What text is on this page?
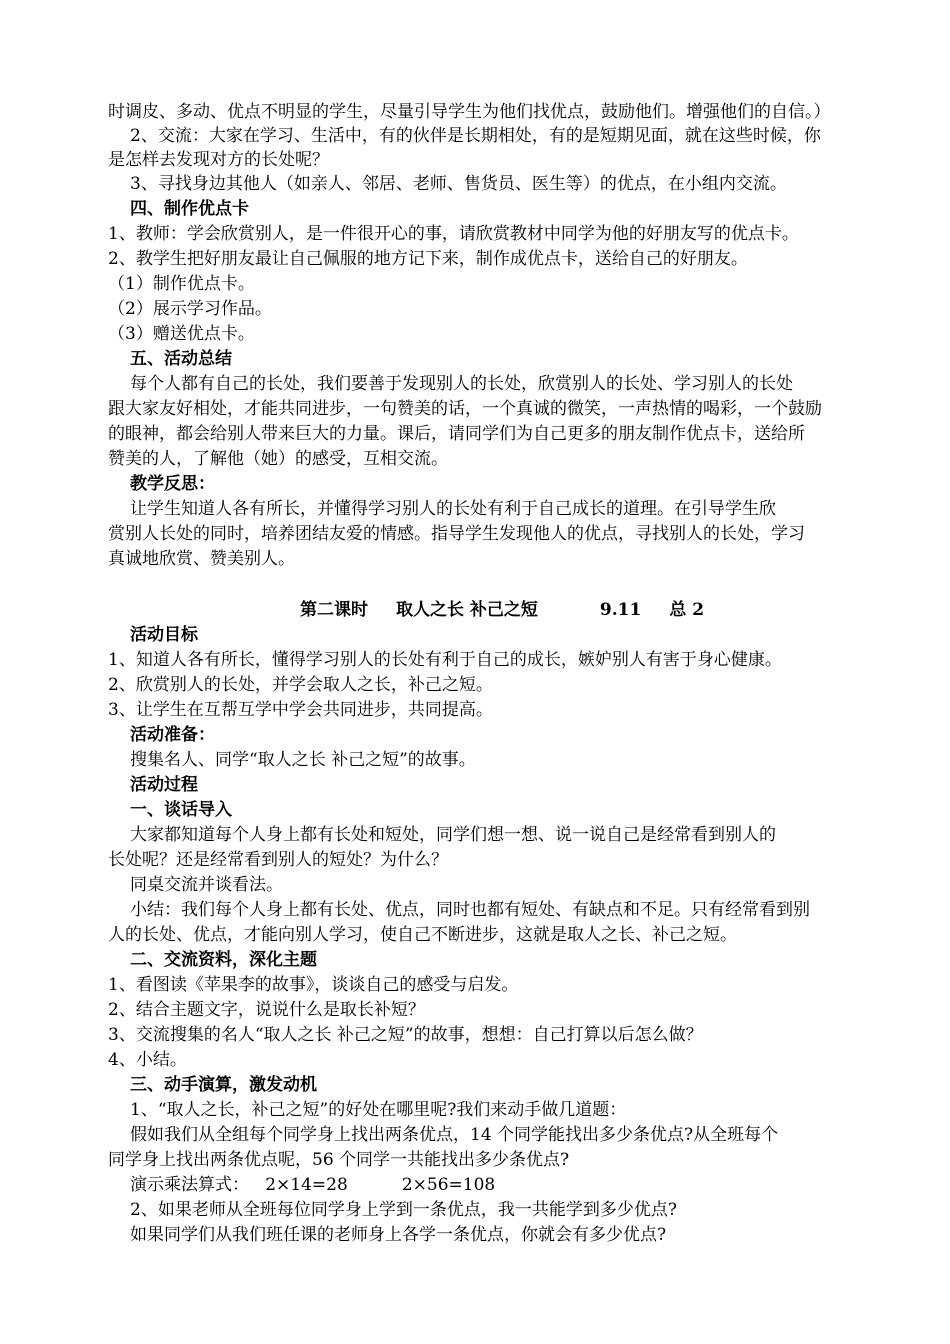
时调皮、多动、优点不明显的学生，尽量引导学生为他们找优点，鼓励他们。增强他们的自信。）
2、交流：大家在学习、生活中，有的伙伴是长期相处，有的是短期见面，就在这些时候，你
是怎样去发现对方的长处呢？
3、寻找身边其他人（如亲人、邻居、老师、售货员、医生等）的优点，在小组内交流。
四、制作优点卡
1、教师：学会欣赏别人，是一件很开心的事，请欣赏教材中同学为他的好朋友写的优点卡。
2、教学生把好朋友最让自己佩服的地方记下来，制作成优点卡，送给自己的好朋友。
（1）制作优点卡。
（2）展示学习作品。
（3）赠送优点卡。
五、活动总结
每个人都有自己的长处，我们要善于发现别人的长处，欣赏别人的长处、学习别人的长处
跟大家友好相处，才能共同进步，一句赞美的话，一个真诚的微笑，一声热情的喝彩，一个鼓励
的眼神，都会给别人带来巨大的力量。课后，请同学们为自己更多的朋友制作优点卡，送给所
赞美的人，了解他（她）的感受，互相交流。
教学反思：
让学生知道人各有所长，并懂得学习别人的长处有利于自己成长的道理。在引导学生欣
赏别人长处的同时，培养团结友爱的情感。指导学生发现他人的优点，寻找别人的长处，学习
真诚地欣赏、赞美别人。
第二课时 取人之长 补己之短	9.11 总 2
活动目标
1、知道人各有所长，懂得学习别人的长处有利于自己的成长，嫉妒别人有害于身心健康。
2、欣赏别人的长处，并学会取人之长，补己之短。
3、让学生在互帮互学中学会共同进步，共同提高。
活动准备：
搜集名人、同学“取人之长 补己之短”的故事。
活动过程
一、谈话导入
大家都知道每个人身上都有长处和短处，同学们想一想、说一说自己是经常看到别人的
长处呢？还是经常看到别人的短处？为什么？
同桌交流并谈看法。
小结：我们每个人身上都有长处、优点，同时也都有短处、有缺点和不足。只有经常看到别
人的长处、优点，才能向别人学习，使自己不断进步，这就是取人之长、补己之短。
二、交流资料，深化主题
1、看图读《苹果李的故事》，谈谈自己的感受与启发。
2、结合主题文字，说说什么是取长补短？
3、交流搜集的名人“取人之长 补己之短”的故事，想想：自己打算以后怎么做？
4、小结。
三、动手演算，激发动机
1、“取人之长，补己之短”的好处在哪里呢?我们来动手做几道题：
假如我们从全组每个同学身上找出两条优点，14 个同学能找出多少条优点?从全班每个
同学身上找出两条优点呢，56 个同学一共能找出多少条优点?
演示乘法算式：   2×14=28          2×56=108
2、如果老师从全班每位同学身上学到一条优点，我一共能学到多少优点?
如果同学们从我们班任课的老师身上各学一条优点，你就会有多少优点?
